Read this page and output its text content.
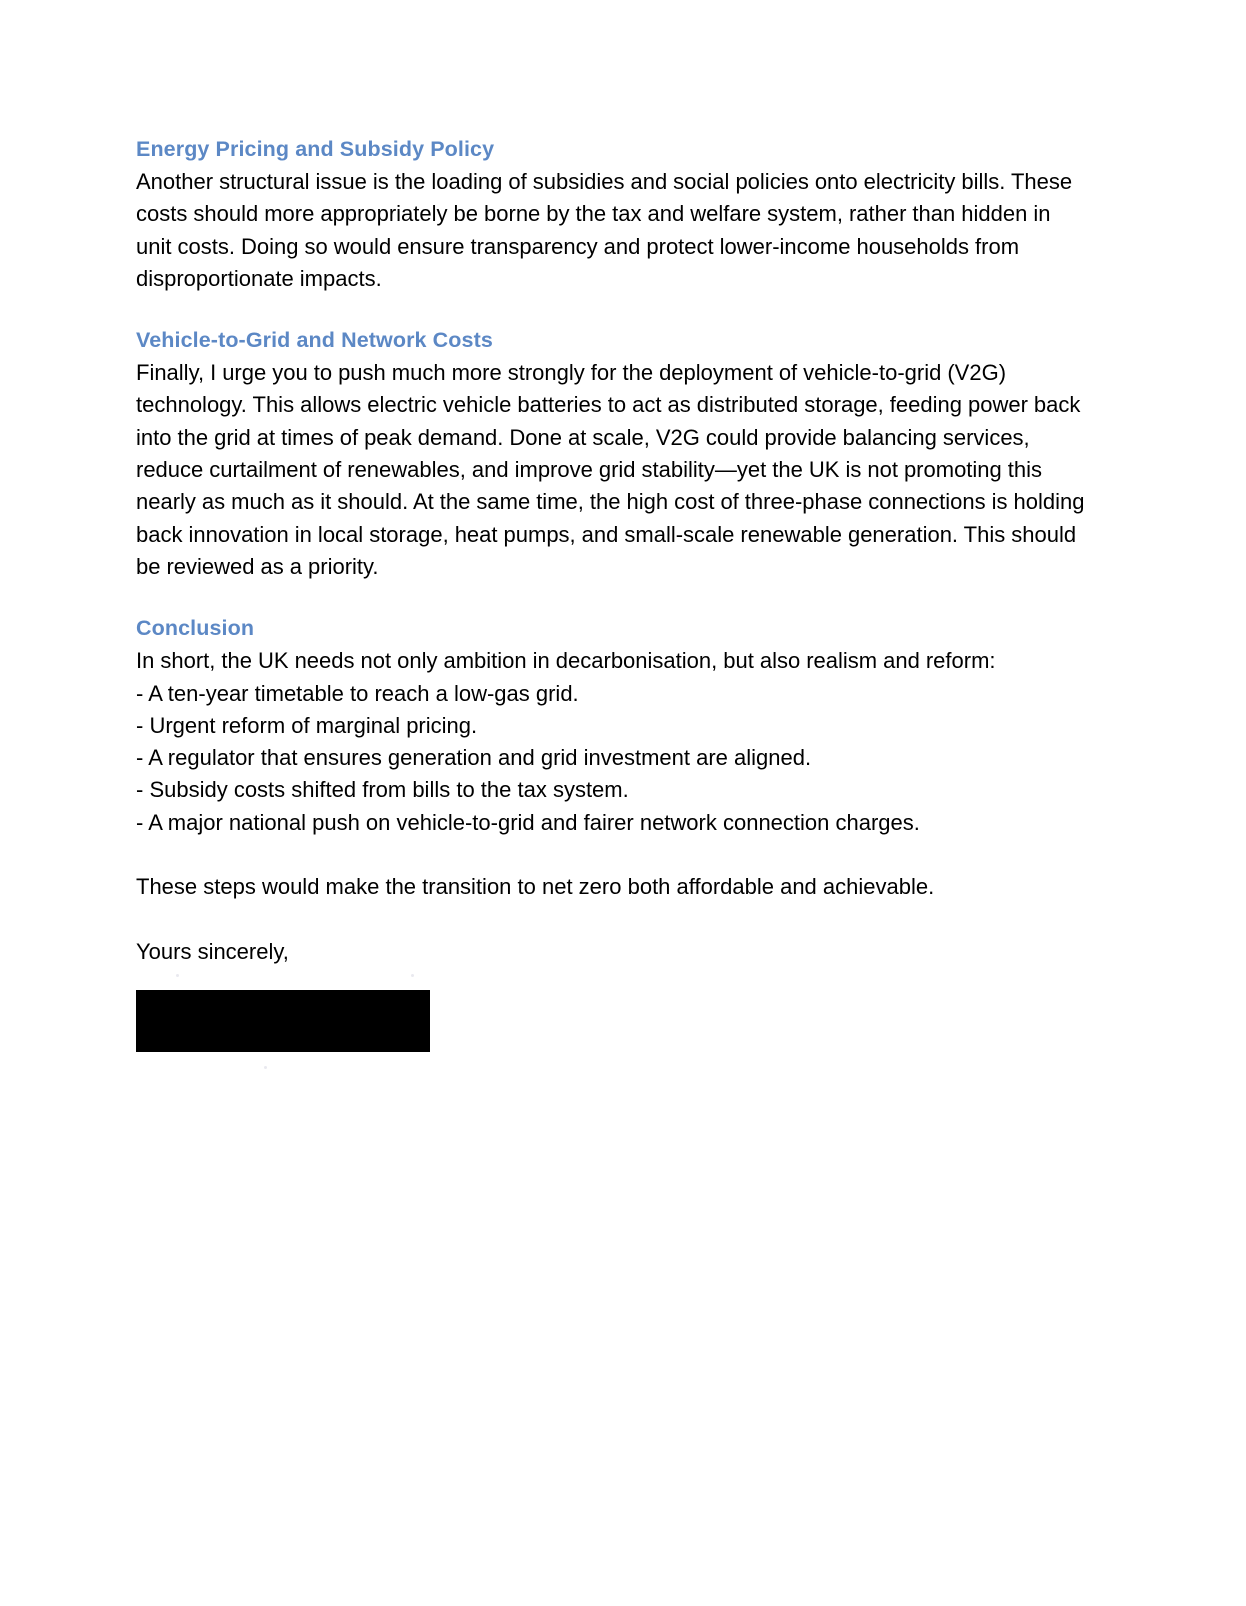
Energy Pricing and Subsidy Policy

Another structural issue is the loading of subsidies and social policies onto electricity bills. These costs should more appropriately be borne by the tax and welfare system, rather than hidden in unit costs. Doing so would ensure transparency and protect lower-income households from disproportionate impacts.

Vehicle-to-Grid and Network Costs

Finally, I urge you to push much more strongly for the deployment of vehicle-to-grid (V2G) technology. This allows electric vehicle batteries to act as distributed storage, feeding power back into the grid at times of peak demand. Done at scale, V2G could provide balancing services, reduce curtailment of renewables, and improve grid stability—yet the UK is not promoting this nearly as much as it should. At the same time, the high cost of three-phase connections is holding back innovation in local storage, heat pumps, and small-scale renewable generation. This should be reviewed as a priority.

Conclusion

In short, the UK needs not only ambition in decarbonisation, but also realism and reform:

- A ten-year timetable to reach a low-gas grid.
- Urgent reform of marginal pricing.
- A regulator that ensures generation and grid investment are aligned.
- Subsidy costs shifted from bills to the tax system.
- A major national push on vehicle-to-grid and fairer network connection charges.

These steps would make the transition to net zero both affordable and achievable.

Yours sincerely,
